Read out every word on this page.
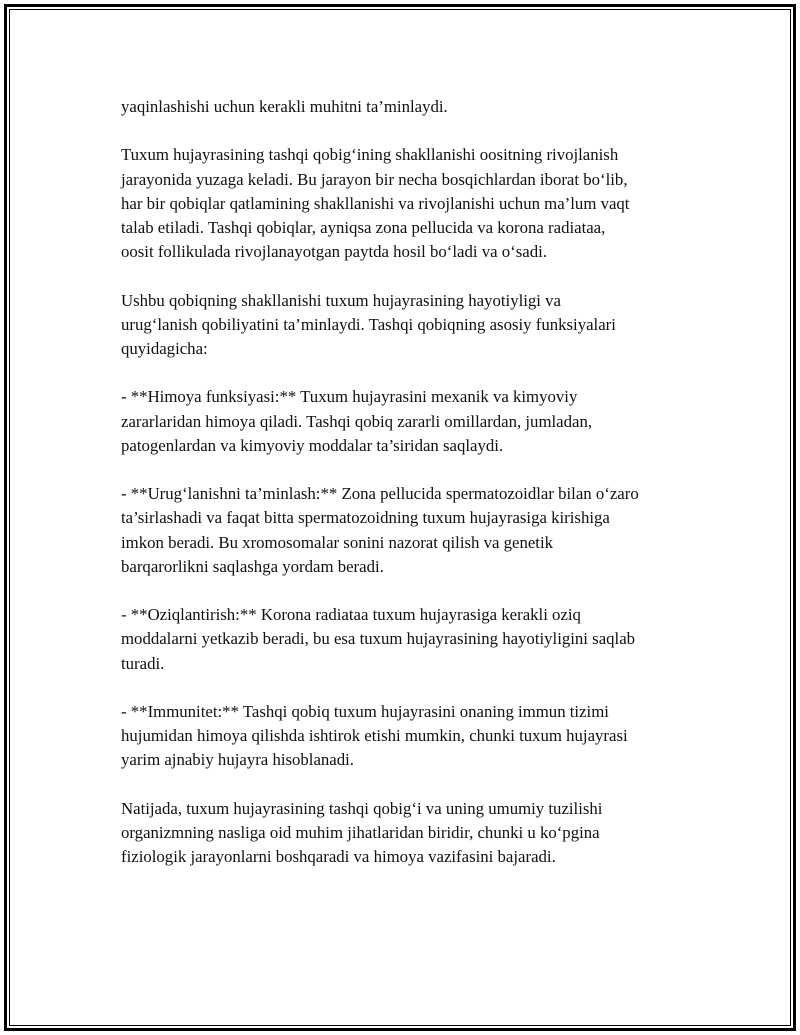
yaqinlashishi uchun kerakli muhitni ta’minlaydi.

Tuxum hujayrasining tashqi qobig‘ining shakllanishi oositning rivojlanish
jarayonida yuzaga keladi. Bu jarayon bir necha bosqichlardan iborat bo‘lib,
har bir qobiqlar qatlamining shakllanishi va rivojlanishi uchun ma’lum vaqt
talab etiladi. Tashqi qobiqlar, ayniqsa zona pellucida va korona radiataa,
oosit follikulada rivojlanayotgan paytda hosil bo‘ladi va o‘sadi.

Ushbu qobiqning shakllanishi tuxum hujayrasining hayotiyligi va
urug‘lanish qobiliyatini ta’minlaydi. Tashqi qobiqning asosiy funksiyalari
quyidagicha:

- **Himoya funksiyasi:** Tuxum hujayrasini mexanik va kimyoviy
zararlaridan himoya qiladi. Tashqi qobiq zararli omillardan, jumladan,
patogenlardan va kimyoviy moddalar ta’siridan saqlaydi.

- **Urug‘lanishni ta’minlash:** Zona pellucida spermatozoidlar bilan o‘zaro
ta’sirlashadi va faqat bitta spermatozoidning tuxum hujayrasiga kirishiga
imkon beradi. Bu xromosomalar sonini nazorat qilish va genetik
barqarorlikni saqlashga yordam beradi.

- **Oziqlantirish:** Korona radiataa tuxum hujayrasiga kerakli oziq
moddalarni yetkazib beradi, bu esa tuxum hujayrasining hayotiyligini saqlab
turadi.

- **Immunitet:** Tashqi qobiq tuxum hujayrasini onaning immun tizimi
hujumidan himoya qilishda ishtirok etishi mumkin, chunki tuxum hujayrasi
yarim ajnabiy hujayra hisoblanadi.

Natijada, tuxum hujayrasining tashqi qobig‘i va uning umumiy tuzilishi
organizmning nasliga oid muhim jihatlaridan biridir, chunki u ko‘pgina
fiziologik jarayonlarni boshqaradi va himoya vazifasini bajaradi.
